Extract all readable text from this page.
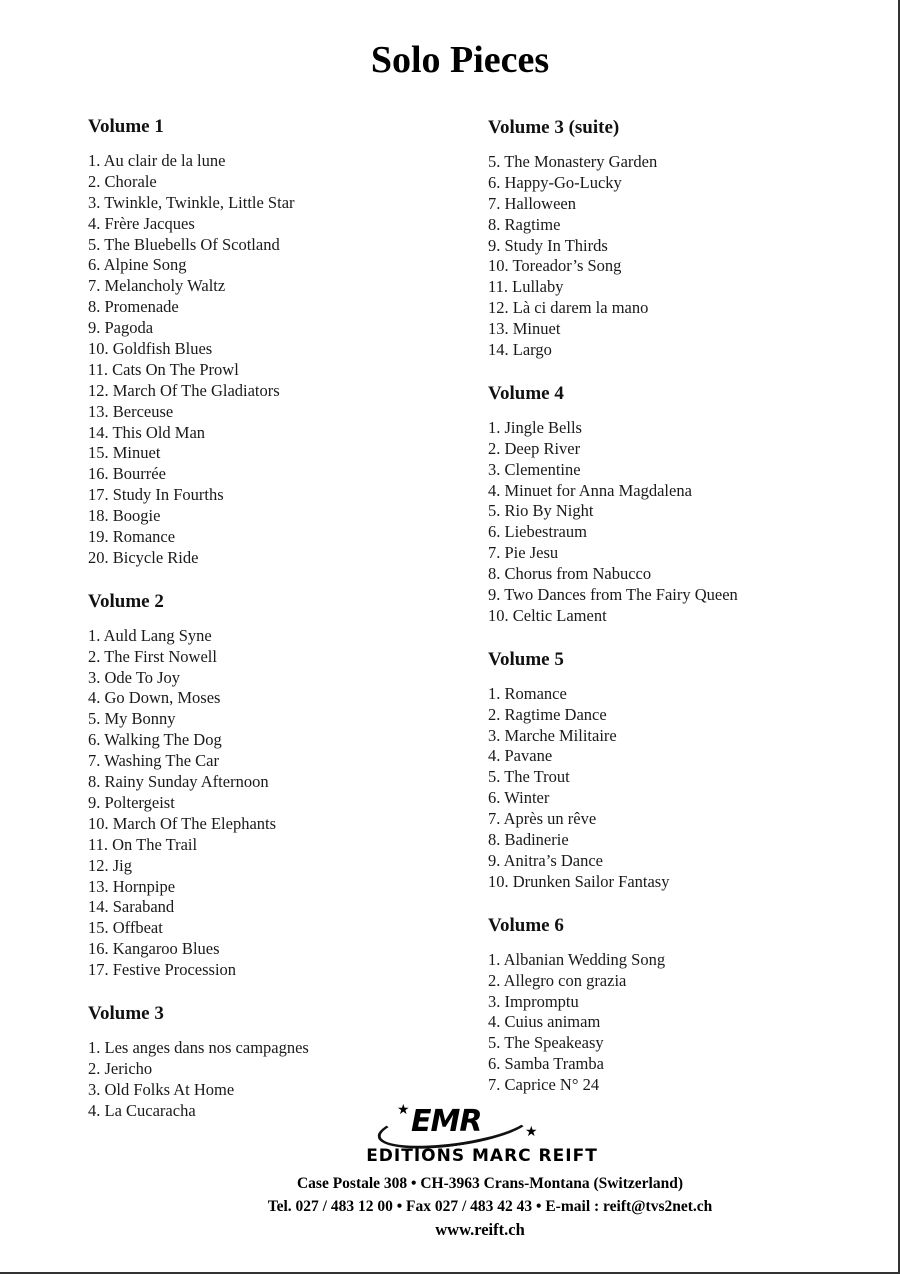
Solo Pieces
Volume 1
1. Au clair de la lune
2. Chorale
3. Twinkle, Twinkle, Little Star
4. Frère Jacques
5. The Bluebells Of Scotland
6. Alpine Song
7. Melancholy Waltz
8. Promenade
9. Pagoda
10. Goldfish Blues
11. Cats On The Prowl
12. March Of The Gladiators
13. Berceuse
14. This Old Man
15. Minuet
16. Bourrée
17. Study In Fourths
18. Boogie
19. Romance
20. Bicycle Ride
Volume 2
1. Auld Lang Syne
2. The First Nowell
3. Ode To Joy
4. Go Down, Moses
5. My Bonny
6. Walking The Dog
7. Washing The Car
8. Rainy Sunday Afternoon
9. Poltergeist
10. March Of The Elephants
11. On The Trail
12. Jig
13. Hornpipe
14. Saraband
15. Offbeat
16. Kangaroo Blues
17. Festive Procession
Volume 3
1. Les anges dans nos campagnes
2. Jericho
3. Old Folks At Home
4. La Cucaracha
Volume 3 (suite)
5. The Monastery Garden
6. Happy-Go-Lucky
7. Halloween
8. Ragtime
9. Study In Thirds
10. Toreador’s Song
11. Lullaby
12. Là ci darem la mano
13. Minuet
14. Largo
Volume 4
1. Jingle Bells
2. Deep River
3. Clementine
4. Minuet for Anna Magdalena
5. Rio By Night
6. Liebestraum
7. Pie Jesu
8. Chorus from Nabucco
9. Two Dances from The Fairy Queen
10. Celtic Lament
Volume 5
1. Romance
2. Ragtime Dance
3. Marche Militaire
4. Pavane
5. The Trout
6. Winter
7. Après un rêve
8. Badinerie
9. Anitra’s Dance
10. Drunken Sailor Fantasy
Volume 6
1. Albanian Wedding Song
2. Allegro con grazia
3. Impromptu
4. Cuius animam
5. The Speakeasy
6. Samba Tramba
7. Caprice N° 24
★ EMR	★
EDITIONS MARC REIFT
Case Postale 308 • CH-3963 Crans-Montana (Switzerland)
Tel. 027 / 483 12 00 • Fax 027 / 483 42 43 • E-mail : reift@tvs2net.ch
www.reift.ch
